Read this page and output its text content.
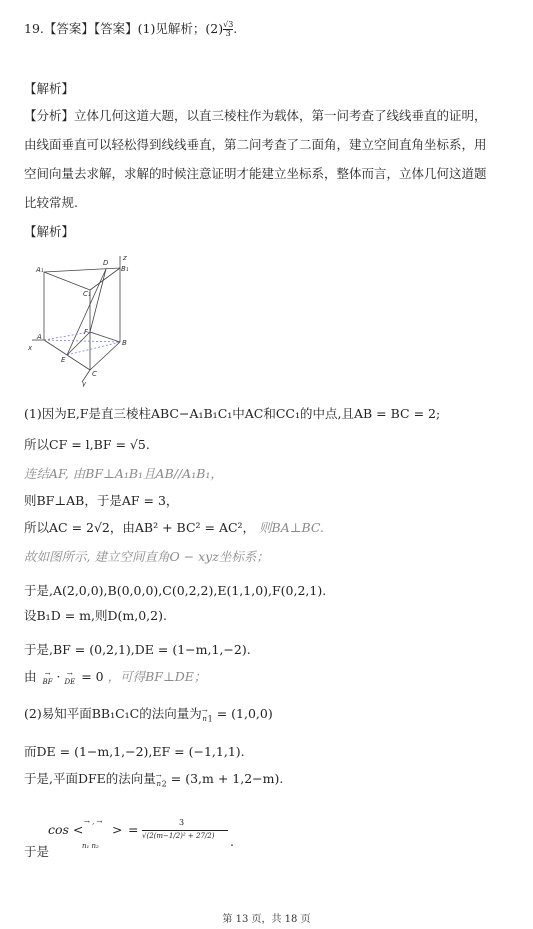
19.【答案】【答案】(1)见解析；$(2) \frac{√3}{3}$ .
【解析】
【分析】立体几何这道大题，以直三棱柱作为载体，第一问考查了线线垂直的证明，
由线面垂直可以轻松得到线线垂直，第二问考查了二面角，建立空间直角坐标系，用
空间向量去求解，求解的时候注意证明才能建立坐标系，整体而言，立体几何这道题
比较常规.
【解析】
A₁
D
B₁
z
C₁
F
A
B
E
C
x
y
(1)因为E,F是直三棱柱ABC−A₁B₁C₁中AC和CC₁的中点,且AB = BC = 2;
所以CF = l,BF = √5.
连结AF, 由BF⊥A₁B₁且AB//A₁B₁，
则BF⊥AB，于是AF = 3，
所以AC = 2√2，由AB² + BC² = AC²， 则BA⊥BC.
故如图所示, 建立空间直角O − xyz坐标系；
于是,A(2,0,0),B(0,0,0),C(0,2,2),E(1,1,0),F(0,2,1).
设B₁D = m,则D(m,0,2).
于是,BF = (0,2,1),DE = (1−m,1,−2).
由 →
BF · →
DE = 0 ，可得BF⊥DE；
(2)易知平面BB₁C₁C的法向量为 →
n $_1$ = (1,0,0)
而DE = (1−m,1,−2),EF = (−1,1,1).
于是,平面DFE的法向量 →
n $_2$ = (3,m + 1,2−m).
cos < → , →
n₁ n₂
> =	3
√(2(m−1/2)² + 27/2) .
于是
第 13 页，共 18 页
